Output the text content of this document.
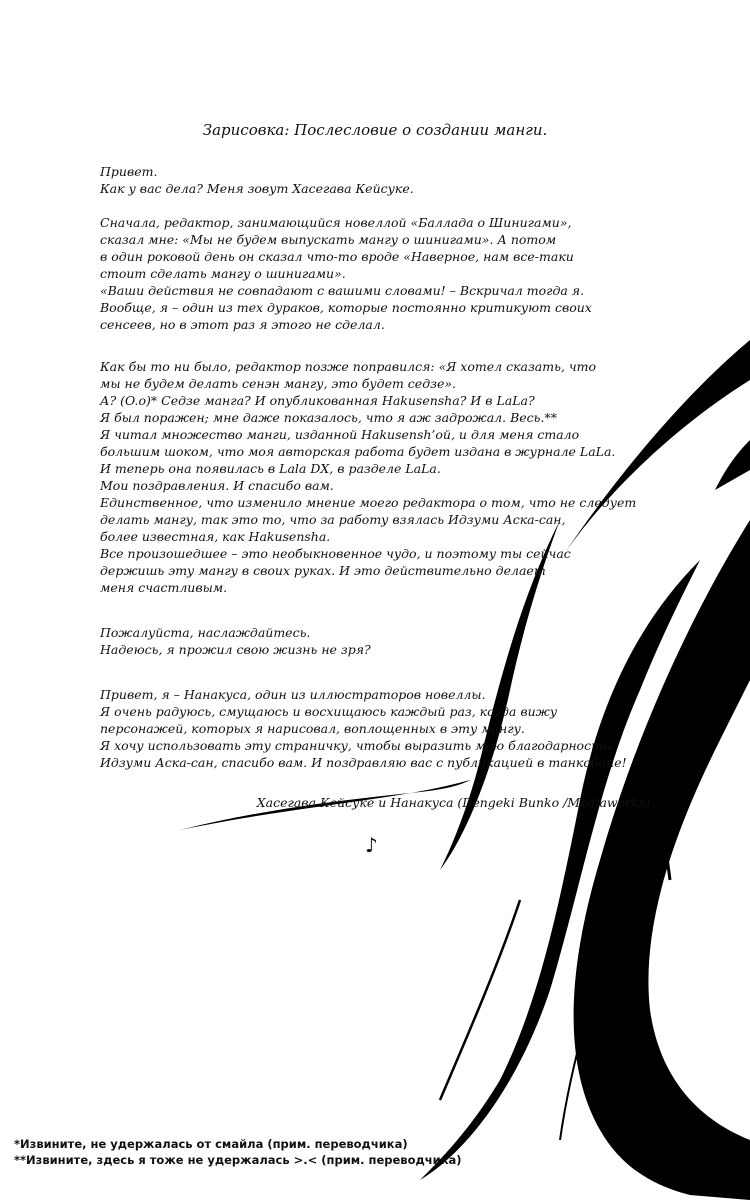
Зарисовка: Послесловие о создании манги.
Привет.
Как у вас дела? Меня зовут Хасегава Кейсуке.
Сначала, редактор, занимающийся новеллой «Баллада о Шинигами»,
сказал мне: «Мы не будем выпускать мангу о шинигами». А потом
в один роковой день он сказал что-то вроде «Наверное, нам все-таки
стоит сделать мангу о шинигами».
«Ваши действия не совпадают с вашими словами! – Вскричал тогда я.
Вообще, я – один из тех дураков, которые постоянно критикуют своих
сенсеев, но в этот раз я этого не сделал.
Как бы то ни было, редактор позже поправился: «Я хотел сказать, что
мы не будем делать сенэн мангу, это будет седзе».
А? (O.o)* Седзе манга? И опубликованная Hakusensha? И в LaLa?
Я был поражен; мне даже показалось, что я аж задрожал. Весь.**
Я читал множество манги, изданной Hakusensh’ой, и для меня стало
большим шоком, что моя авторская работа будет издана в журнале LaLa.
И теперь она появилась в Lala DX, в разделе LaLa.
Мои поздравления. И спасибо вам.
Единственное, что изменило мнение моего редактора о том, что не следует
делать мангу, так это то, что за работу взялась Идзуми Аска-сан,
более известная, как Hakusensha.
Все произошедшее – это необыкновенное чудо, и поэтому ты сейчас
держишь эту мангу в своих руках. И это действительно делает
меня счастливым.
Пожалуйста, наслаждайтесь.
Надеюсь, я прожил свою жизнь не зря?
Привет, я – Нанакуса, один из иллюстраторов новеллы.
Я очень радуюсь, смущаюсь и восхищаюсь каждый раз, когда вижу
персонажей, которых я нарисовал, воплощенных в эту мангу.
Я хочу использовать эту страничку, чтобы выразить мою благодарность.
Идзуми Аска-сан, спасибо вам. И поздравляю вас с публикацией в танкобоне!
Хасегава Кейсуке и Нанакуса (Dengeki Bunko /Mediaworks)
♪
*Извините, не удержалась от смайла (прим. переводчика)
**Извините, здесь я тоже не удержалась >.< (прим. переводчика)
